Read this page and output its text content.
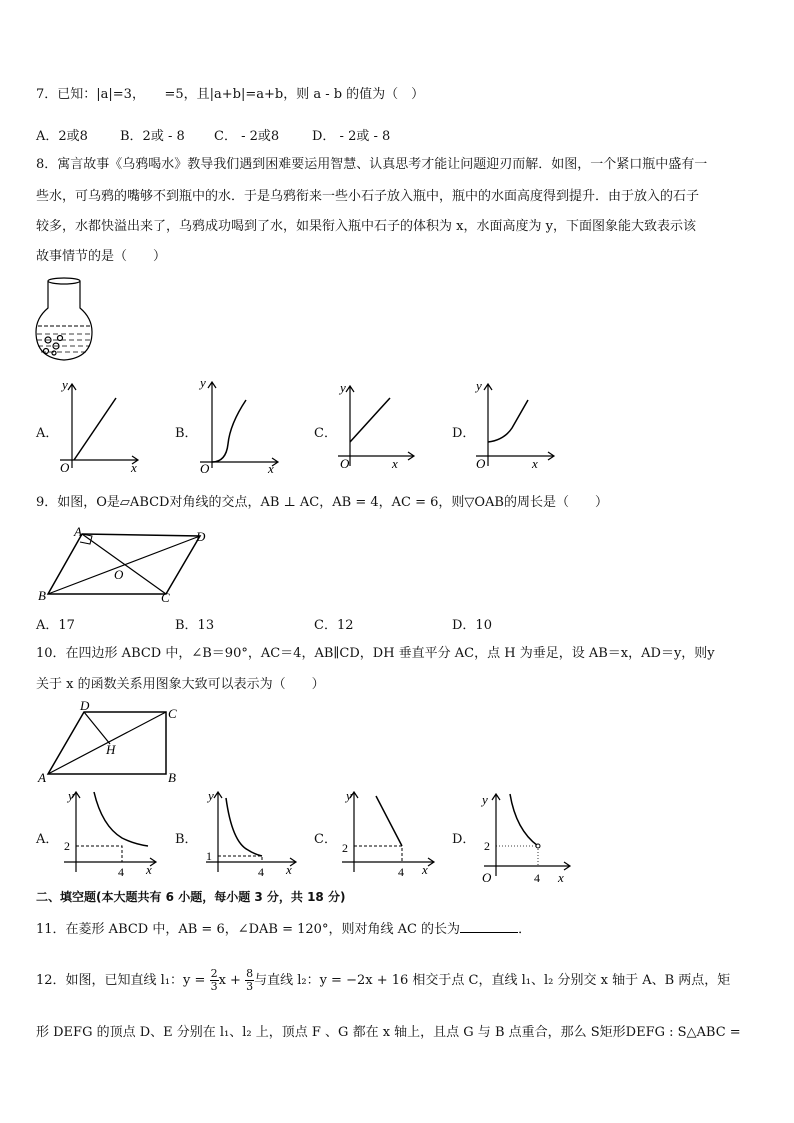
7．已知：|a|=3，　　=5，且|a+b|=a+b，则 a - b 的值为（　）
A．2或8 B．2或 - 8 C． - 2或8	D． - 2或 - 8
8．寓言故事《乌鸦喝水》教导我们遇到困难要运用智慧、认真思考才能让问题迎刃而解．如图，一个紧口瓶中盛有一
些水，可乌鸦的嘴够不到瓶中的水．于是乌鸦衔来一些小石子放入瓶中，瓶中的水面高度得到提升．由于放入的石子
较多，水都快溢出来了，乌鸦成功喝到了水，如果衔入瓶中石子的体积为 x，水面高度为 y，下面图象能大致表示该
故事情节的是（　　）
A．
y
x
O
B．
y
x
O
C．
y
x
O
D．
y
x
O
9．如图，O是▱ABCD对角线的交点，AB ⊥ AC，AB = 4，AC = 6，则▽OAB的周长是（　　）
A	D
B	C
O
A．17	B．13	C．12	D．10
10．在四边形 ABCD 中，∠B＝90°，AC＝4，AB∥CD，DH 垂直平分 AC，点 H 为垂足，设 AB＝x，AD＝y，则y
关于 x 的函数关系用图象大致可以表示为（　　）
D
C
A	B
H
A．
y
x
2
4
B．
y
x
1
4
C．
y
x
2
4
D．
y
x
O
2
4
二、填空题(本大题共有 6 小题，每小题 3 分，共 18 分)
11．在菱形 ABCD 中，AB = 6，∠DAB = 120°，则对角线 AC 的长为	．
12．如图，已知直线 l₁：$y = \frac{2}{3}$ $x + \frac{8}{3}$ 与直线 l₂：y = −2x + 16 相交于点 C，直线 l₁、l₂ 分别交 x 轴于 A、B 两点，矩
形 DEFG 的顶点 D、E 分别在 l₁、l₂ 上，顶点 F 、G 都在 x 轴上，且点 G 与 B 点重合，那么 S矩形DEFG : S△ABC =
